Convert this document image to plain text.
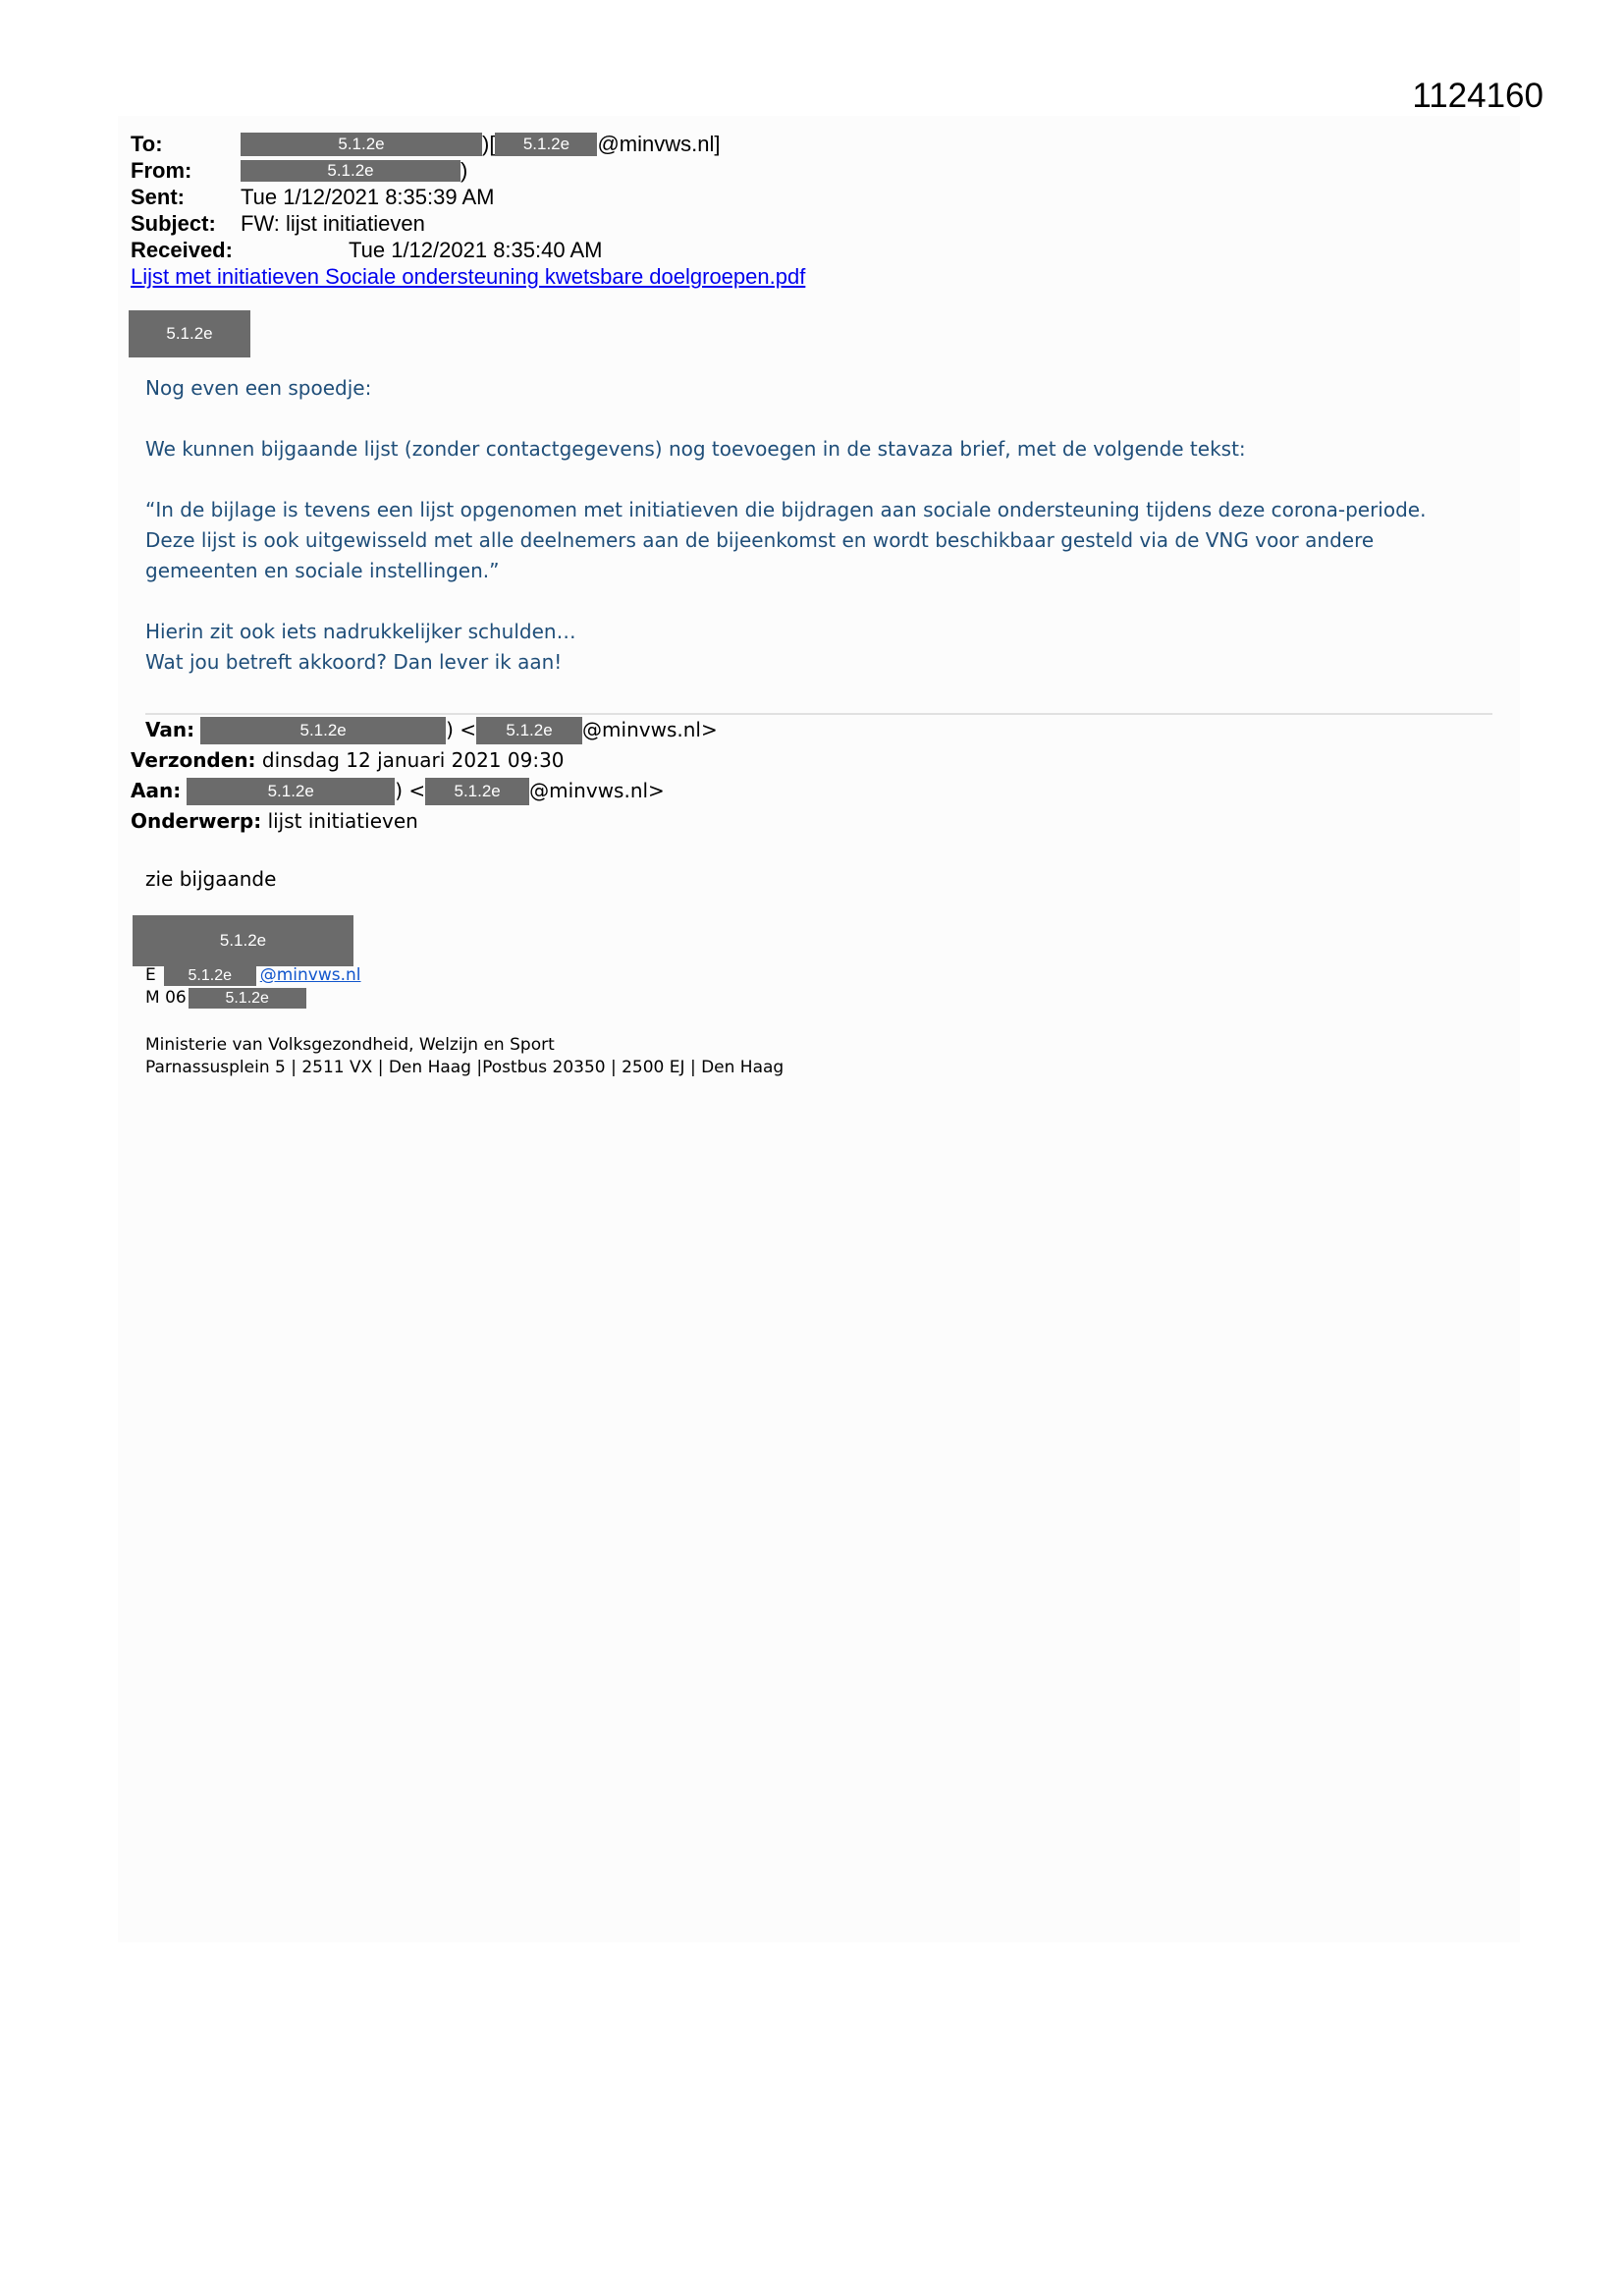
1124160
To:	5.1.2e	)[	5.1.2e	@minvws.nl]
From:	5.1.2e	)
Sent:	Tue 1/12/2021 8:35:39 AM
Subject:	FW: lijst initiatieven
Received:	Tue 1/12/2021 8:35:40 AM
Lijst met initiatieven Sociale ondersteuning kwetsbare doelgroepen.pdf
5.1.2e

Nog even een spoedje:

We kunnen bijgaande lijst (zonder contactgegevens) nog toevoegen in de stavaza brief, met de volgende tekst:

“In de bijlage is tevens een lijst opgenomen met initiatieven die bijdragen aan sociale ondersteuning tijdens deze corona-periode.

Deze lijst is ook uitgewisseld met alle deelnemers aan de bijeenkomst en wordt beschikbaar gesteld via de VNG voor andere

gemeenten en sociale instellingen.”

Hierin zit ook iets nadrukkelijker schulden…

Wat jou betreft akkoord? Dan lever ik aan!

Van:	5.1.2e	) <	5.1.2e	@minvws.nl>
Verzonden:
dinsdag 12 januari 2021 09:30
Aan:	5.1.2e	) <	5.1.2e	@minvws.nl>
Onderwerp:
lijst initiatieven
zie bijgaande
5.1.2e
E	5.1.2e	@minvws.nl
M 06	5.1.2e
Ministerie van Volksgezondheid, Welzijn en Sport
Parnassusplein 5 | 2511 VX | Den Haag |Postbus 20350 | 2500 EJ | Den Haag
